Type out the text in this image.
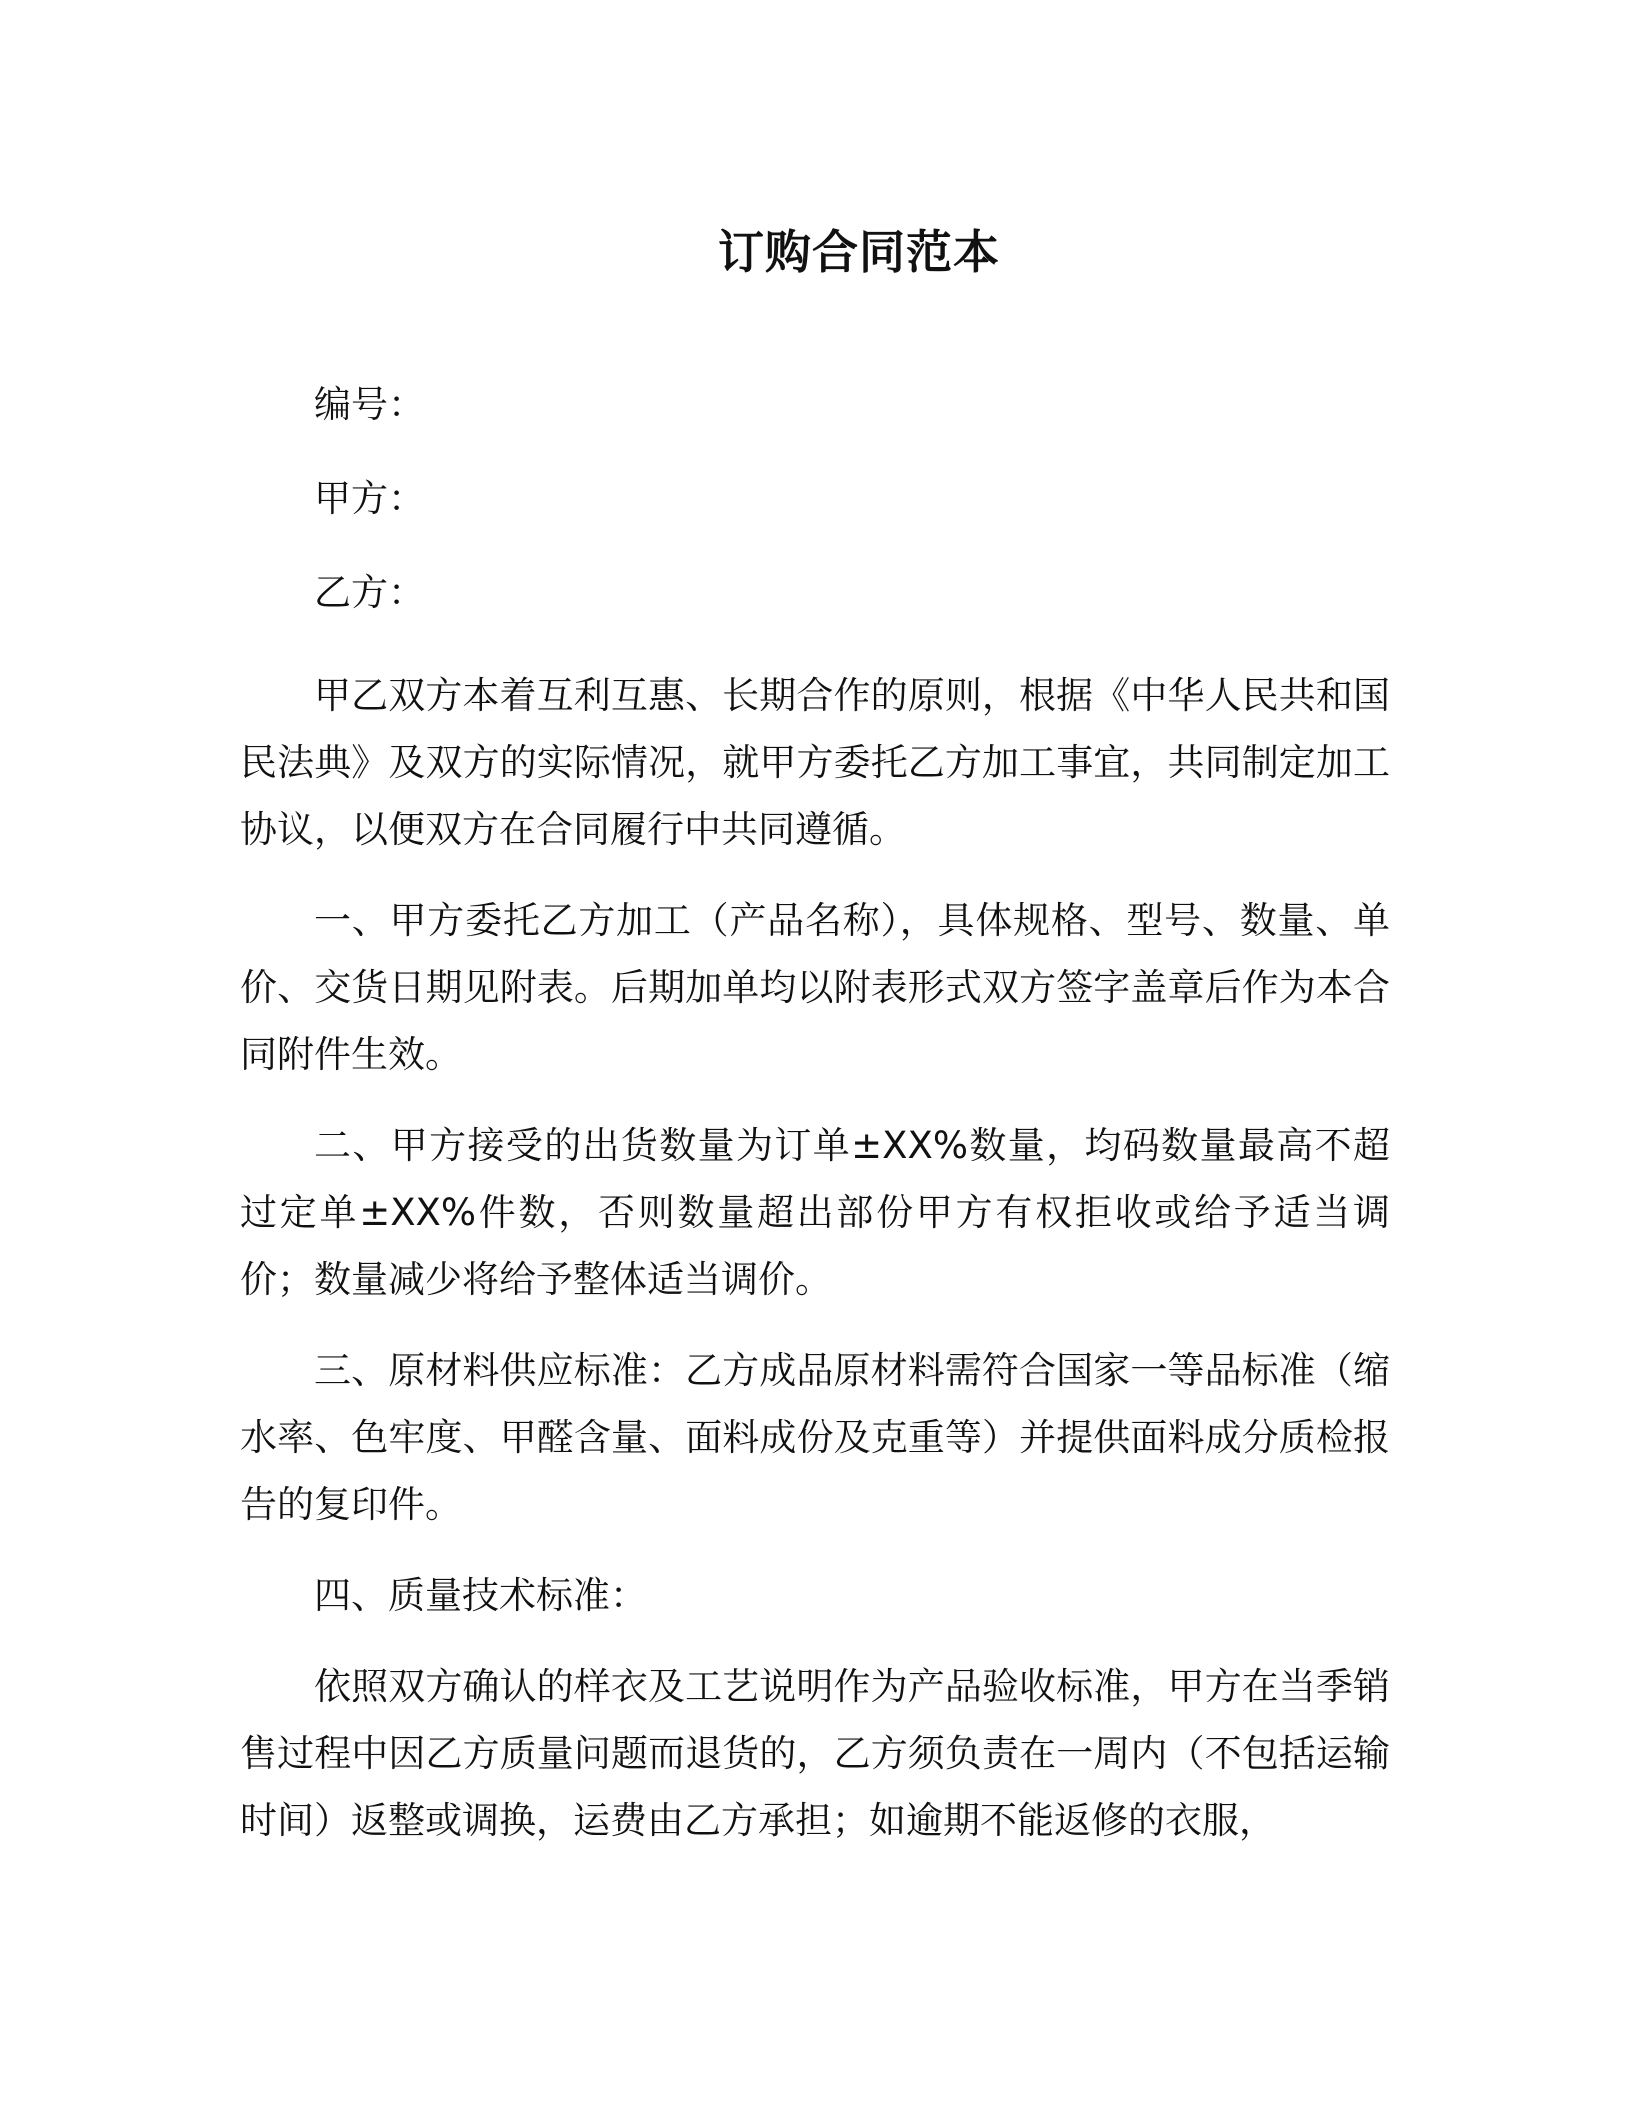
订购合同范本

编号：

甲方：

乙方：

甲乙双方本着互利互惠、长期合作的原则，根据《中华人民共和国民法典》及双方的实际情况，就甲方委托乙方加工事宜，共同制定加工协议，以便双方在合同履行中共同遵循。

一、甲方委托乙方加工（产品名称），具体规格、型号、数量、单价、交货日期见附表。后期加单均以附表形式双方签字盖章后作为本合同附件生效。

二、甲方接受的出货数量为订单±XX%数量，均码数量最高不超过定单±XX%件数，否则数量超出部份甲方有权拒收或给予适当调价；数量减少将给予整体适当调价。

三、原材料供应标准：乙方成品原材料需符合国家一等品标准（缩水率、色牢度、甲醛含量、面料成份及克重等）并提供面料成分质检报告的复印件。

四、质量技术标准：

依照双方确认的样衣及工艺说明作为产品验收标准，甲方在当季销售过程中因乙方质量问题而退货的，乙方须负责在一周内（不包括运输时间）返整或调换，运费由乙方承担；如逾期不能返修的衣服，
